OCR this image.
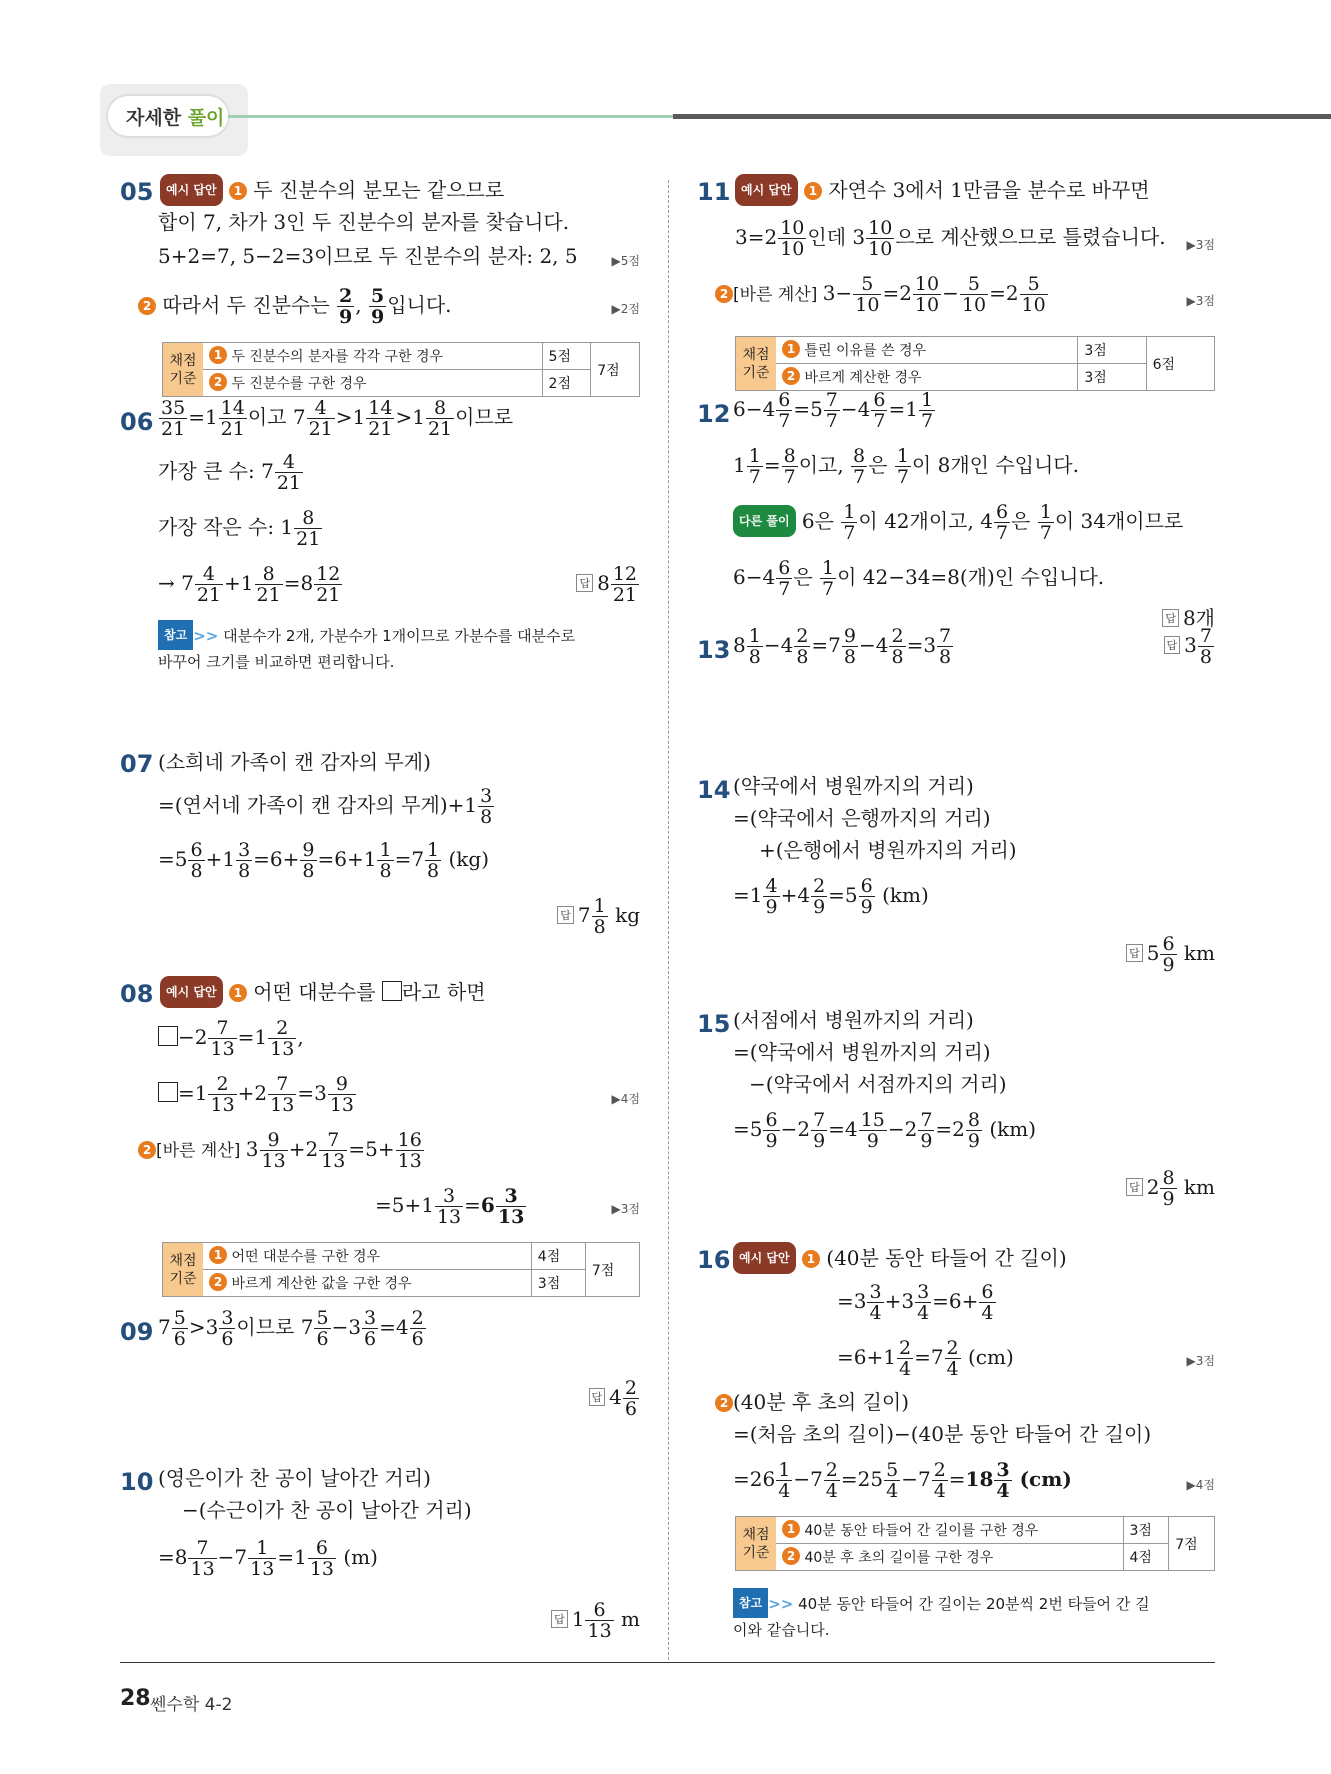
자세한 풀이
05	예시 답안 1 두 진분수의 분모는 같으므로
합이 7, 차가 3인 두 진분수의 분자를 찾습니다.
5+2=7, 5−2=3이므로 두 진분수의 분자: 2, 5	▶5점
2 따라서 두 진분수는 $\frac{2}{9}$ , $\frac{5}{9}$ 입니다.	▶2점
채점
기준	1 두 진분수의 분자를 각각 구한 경우	5점	7점
	2 두 진분수를 구한 경우	2점	
$06 \frac{35}{21} =1 \frac{14}{21}$ 이고 $7 \frac{4}{21} >1 \frac{14}{21} >1 \frac{8}{21}$ 이므로
가장 큰 수: $7 \frac{4}{21}$
가장 작은 수: $1 \frac{8}{21}$
→ $7 \frac{4}{21} +1 \frac{8}{21} =8 \frac{12}{21}$	답 $8 \frac{12}{21}$
참고 >> 대분수가 2개, 가분수가 1개이므로 가분수를 대분수로
바꾸어 크기를 비교하면 편리합니다.
07 (소희네 가족이 캔 감자의 무게)
=(연서네 가족이 캔 감자의 무게)$+1 \frac{3}{8}$
$=5 \frac{6}{8} +1 \frac{3}{8} =6+ \frac{9}{8} =6+1 \frac{1}{8} =7 \frac{1}{8} (kg)$
답 $7 \frac{1}{8}$ kg
08	예시 답안 1 어떤 대분수를 라고 하면
$-2 \frac{7}{13} =1 \frac{2}{13}$ ,
$=1 \frac{2}{13} +2 \frac{7}{13} =3 \frac{9}{13}$	▶4점
2 [바른 계산] $3 \frac{9}{13} +2 \frac{7}{13} =5+ \frac{16}{13}$
$=5+1 \frac{3}{13} =6 \frac{3}{13}$	▶3점
채점
기준	1 어떤 대분수를 구한 경우	4점	7점
	2 바르게 계산한 값을 구한 경우	3점	
09 $7 \frac{5}{6} >3 \frac{3}{6}$ 이므로 $7 \frac{5}{6} -3 \frac{3}{6} =4 \frac{2}{6}$
답 $4 \frac{2}{6}$
10 (영은이가 찬 공이 날아간 거리)
−(수근이가 찬 공이 날아간 거리)
$=8 \frac{7}{13} -7 \frac{1}{13} =1 \frac{6}{13} (m)$
답 $1 \frac{6}{13}$ m
11 예시 답안 1 자연수 3에서 1만큼을 분수로 바꾸면
$3=2 \frac{10}{10}$ 인데 $3 \frac{10}{10}$ 으로 계산했으므로 틀렸습니다. ▶3점
2 [바른 계산] $3- \frac{5}{10} =2 \frac{10}{10} - \frac{5}{10} =2 \frac{5}{10}$	▶3점
채점
기준	1 틀린 이유를 쓴 경우	3점	6점
	2 바르게 계산한 경우	3점	
12 $6-4 \frac{6}{7} =5 \frac{7}{7} -4 \frac{6}{7} =1 \frac{1}{7}$
$1 \frac{1}{7} = \frac{8}{7}$ 이고, $\frac{8}{7}$ 은 $\frac{1}{7}$ 이 8개인 수입니다.
다른 풀이 6은 $\frac{1}{7}$ 이 42개이고, $4 \frac{6}{7}$ 은 $\frac{1}{7}$ 이 34개이므로
$6-4 \frac{6}{7}$ 은 $\frac{1}{7}$ 이 42−34=8(개)인 수입니다.
답 8개
13 $8 \frac{1}{8} -4 \frac{2}{8} =7 \frac{9}{8} -4 \frac{2}{8} =3 \frac{7}{8}$	답 $3 \frac{7}{8}$
14 (약국에서 병원까지의 거리)
=(약국에서 은행까지의 거리)
+(은행에서 병원까지의 거리)
$=1 \frac{4}{9} +4 \frac{2}{9} =5 \frac{6}{9} (km)$
답 $5 \frac{6}{9}$ km
15 (서점에서 병원까지의 거리)
=(약국에서 병원까지의 거리)
−(약국에서 서점까지의 거리)
$=5 \frac{6}{9} -2 \frac{7}{9} =4 \frac{15}{9} -2 \frac{7}{9} =2 \frac{8}{9} (km)$
답 $2 \frac{8}{9}$ km
16 예시 답안 1 (40분 동안 타들어 간 길이)
$=3 \frac{3}{4} +3 \frac{3}{4} =6+ \frac{6}{4}$
$=6+1 \frac{2}{4} =7 \frac{2}{4} (cm)$	▶3점
2 (40분 후 초의 길이)
=(처음 초의 길이)−(40분 동안 타들어 간 길이)
$=26 \frac{1}{4} -7 \frac{2}{4} =25 \frac{5}{4} -7 \frac{2}{4} =18 \frac{3}{4} (cm)$	▶4점
채점
기준	1 40분 동안 타들어 간 길이를 구한 경우	3점	7점
	2 40분 후 초의 길이를 구한 경우	4점	
참고 >> 40분 동안 타들어 간 길이는 20분씩 2번 타들어 간 길
이와 같습니다.
28 쎈수학 4-2
